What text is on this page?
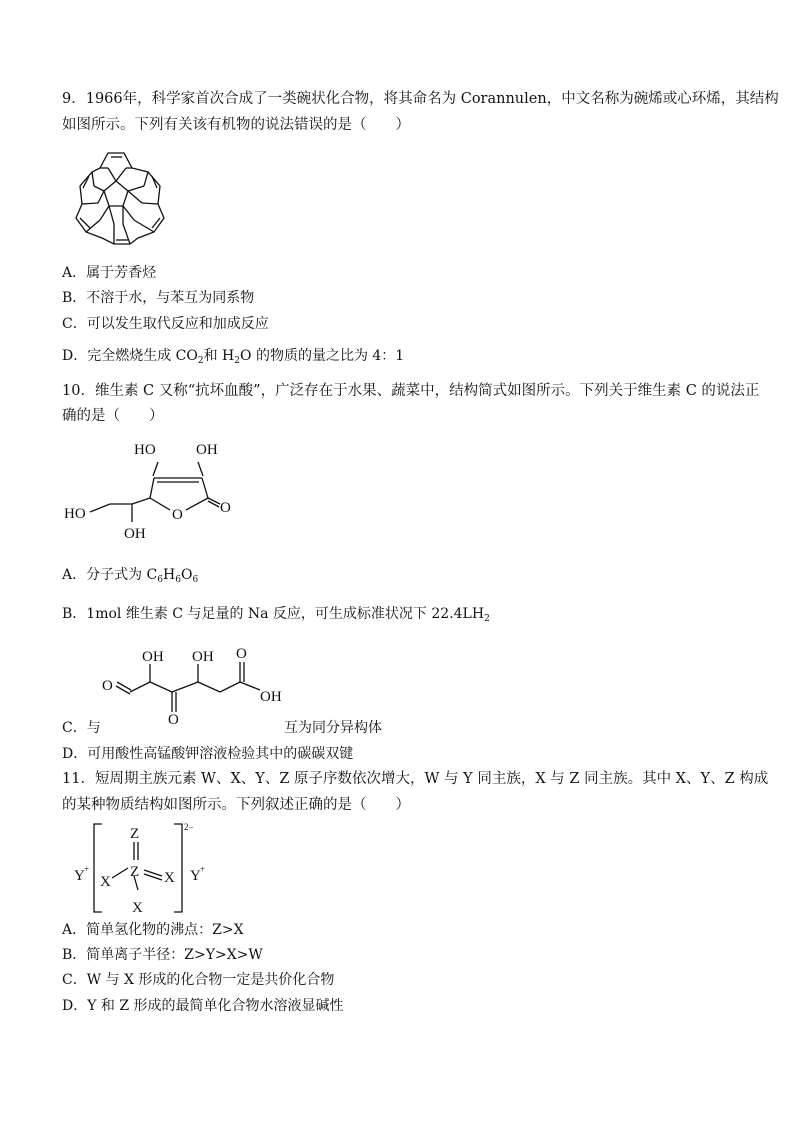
9．1966年，科学家首次合成了一类碗状化合物，将其命名为 Corannulen，中文名称为碗烯或心环烯，其结构
如图所示。下列有关该有机物的说法错误的是（　　）
A．属于芳香烃
B．不溶于水，与苯互为同系物
C．可以发生取代反应和加成反应
D．完全燃烧生成 $CO_2$和 $H_2O$ 的物质的量之比为 4：1
10．维生素 C 又称“抗坏血酸”，广泛存在于水果、蔬菜中，结构简式如图所示。下列关于维生素 C 的说法正
确的是（　　）
HO	OH
HO
OH
O O
A．分子式为 $C_6H_6O_6$
B．1mol 维生素 C 与足量的 Na 反应，可生成标准状况下 $22.4LH_2$
OH OH
O
O
O
OH
C．与	互为同分异构体
D．可用酸性高锰酸钾溶液检验其中的碳碳双键
11．短周期主族元素 W、X、Y、Z 原子序数依次增大，W 与 Y 同主族，X 与 Z 同主族。其中 X、Y、Z 构成
的某种物质结构如图所示。下列叙述正确的是（　　）
Z
Z
X	X
X
Y +	Y +
2−
A．简单氢化物的沸点：Z>X
B．简单离子半径：Z>Y>X>W
C．W 与 X 形成的化合物一定是共价化合物
D．Y 和 Z 形成的最简单化合物水溶液显碱性
